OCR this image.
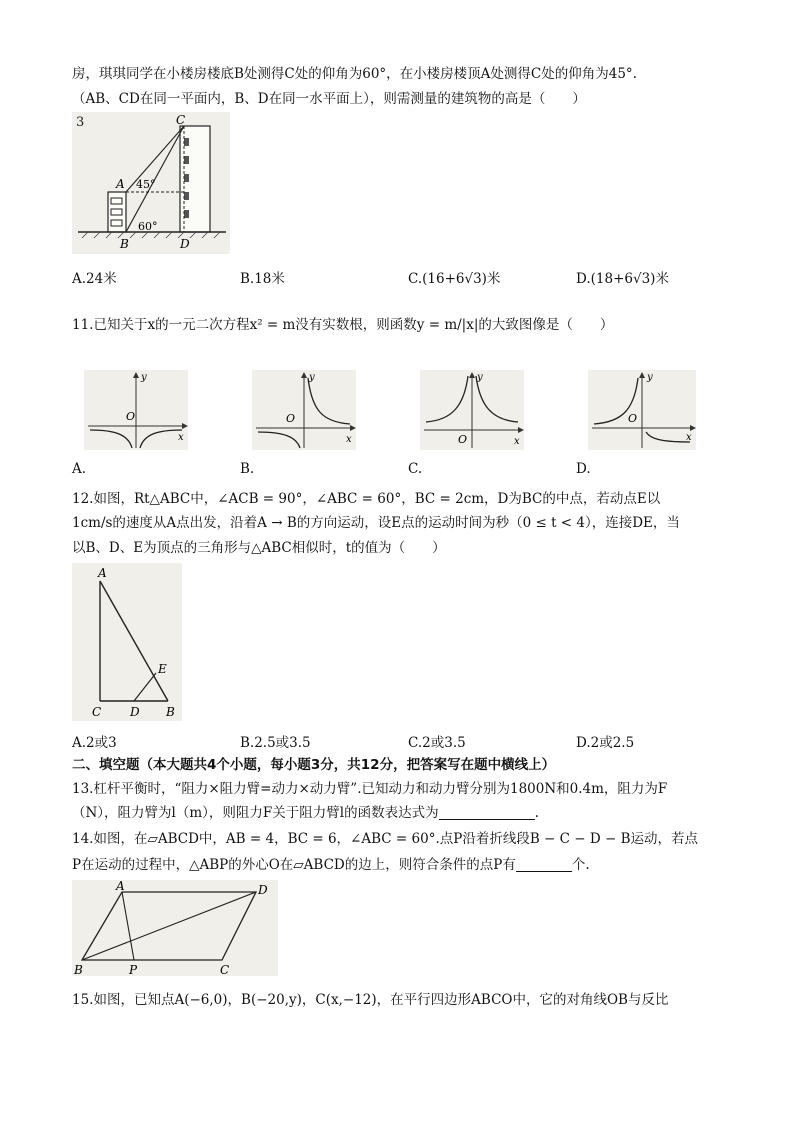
房，琪琪同学在小楼房楼底B处测得C处的仰角为60°，在小楼房楼顶A处测得C处的仰角为45°.
（AB、CD在同一平面内，B、D在同一水平面上），则需测量的建筑物的高是（　　）
3
A 45°
60°
B	D
C
A.24米	B.18米	C.(16+6√3)米	D.(18+6√3)米
11.已知关于x的一元二次方程x² = m没有实数根，则函数y = m/|x|的大致图像是（　　）
y
x
O
A.
y
x
O
B.
y
x
O
C.
y
x
O
D.
12.如图，Rt△ABC中，∠ACB = 90°，∠ABC = 60°，BC = 2cm，D为BC的中点，若动点E以
1cm/s的速度从A点出发，沿着A → B的方向运动，设E点的运动时间为秒（0 ≤ t < 4），连接DE，当
以B、D、E为顶点的三角形与△ABC相似时，t的值为（　　）
A
C D B
E
A.2或3	B.2.5或3.5	C.2或3.5	D.2或2.5
二、填空题（本大题共4个小题，每小题3分，共12分，把答案写在题中横线上）
13.杠杆平衡时，“阻力×阻力臂=动力×动力臂”.已知动力和动力臂分别为1800N和0.4m，阻力为F
（N），阻力臂为l（m），则阻力F关于阻力臂l的函数表达式为	.
14.如图，在▱ABCD中，AB = 4，BC = 6，∠ABC = 60°.点P沿着折线段B − C − D − B运动，若点
P在运动的过程中，△ABP的外心O在▱ABCD的边上，则符合条件的点P有	个.
A	D
B	P	C
15.如图，已知点A(−6,0)，B(−20,y)，C(x,−12)，在平行四边形ABCO中，它的对角线OB与反比
